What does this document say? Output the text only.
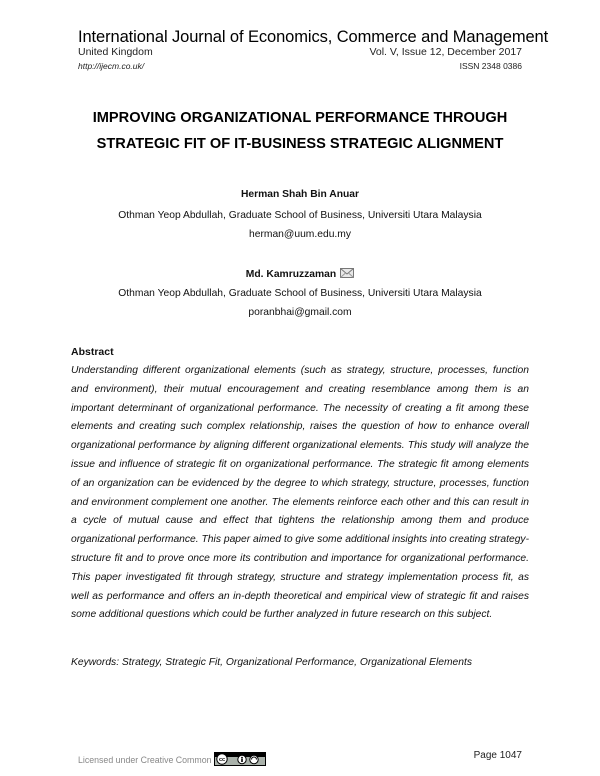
International Journal of Economics, Commerce and Management
United Kingdom	Vol. V, Issue 12, December 2017
http://ijecm.co.uk/	ISSN 2348 0386
IMPROVING ORGANIZATIONAL PERFORMANCE THROUGH
STRATEGIC FIT OF IT-BUSINESS STRATEGIC ALIGNMENT
Herman Shah Bin Anuar
Othman Yeop Abdullah, Graduate School of Business, Universiti Utara Malaysia
herman@uum.edu.my
Md. Kamruzzaman
Othman Yeop Abdullah, Graduate School of Business, Universiti Utara Malaysia
poranbhai@gmail.com
Abstract
Understanding different organizational elements (such as strategy, structure, processes, function and environment), their mutual encouragement and creating resemblance among them is an important determinant of organizational performance. The necessity of creating a fit among these elements and creating such complex relationship, raises the question of how to enhance overall organizational performance by aligning different organizational elements. This study will analyze the issue and influence of strategic fit on organizational performance. The strategic fit among elements of an organization can be evidenced by the degree to which strategy, structure, processes, function and environment complement one another. The elements reinforce each other and this can result in a cycle of mutual cause and effect that tightens the relationship among them and produce organizational performance. This paper aimed to give some additional insights into creating strategy-structure fit and to prove once more its contribution and importance for organizational performance. This paper investigated fit through strategy, structure and strategy implementation process fit, as well as performance and offers an in-depth theoretical and empirical view of strategic fit and raises some additional questions which could be further analyzed in future research on this subject.
Keywords: Strategy, Strategic Fit, Organizational Performance, Organizational Elements
Licensed under Creative Common cc	Page 1047
